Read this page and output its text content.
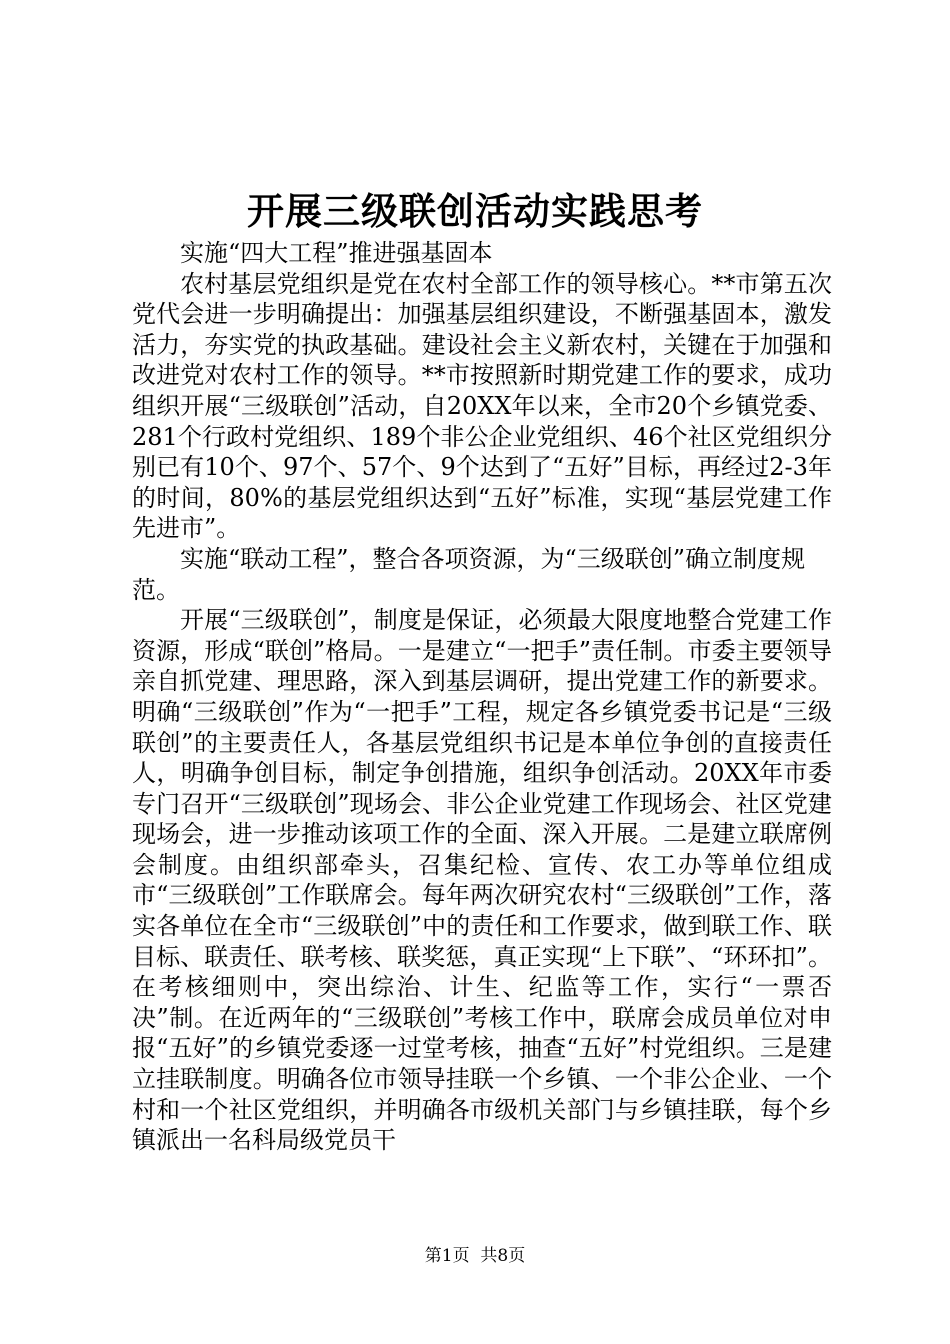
开展三级联创活动实践思考

实施“四大工程”推进强基固本

农村基层党组织是党在农村全部工作的领导核心。**市第五次党代会进一步明确提出：加强基层组织建设，不断强基固本，激发活力，夯实党的执政基础。建设社会主义新农村，关键在于加强和改进党对农村工作的领导。**市按照新时期党建工作的要求，成功组织开展“三级联创”活动，自20XX年以来，全市20个乡镇党委、281个行政村党组织、189个非公企业党组织、46个社区党组织分别已有10个、97个、57个、9个达到了“五好”目标，再经过2-3年的时间，80%的基层党组织达到“五好”标准，实现“基层党建工作先进市”。

实施“联动工程”，整合各项资源，为“三级联创”确立制度规范。

开展“三级联创”，制度是保证，必须最大限度地整合党建工作资源，形成“联创”格局。一是建立“一把手”责任制。市委主要领导亲自抓党建、理思路，深入到基层调研，提出党建工作的新要求。明确“三级联创”作为“一把手”工程，规定各乡镇党委书记是“三级联创”的主要责任人，各基层党组织书记是本单位争创的直接责任人，明确争创目标，制定争创措施，组织争创活动。20XX年市委专门召开“三级联创”现场会、非公企业党建工作现场会、社区党建现场会，进一步推动该项工作的全面、深入开展。二是建立联席例会制度。由组织部牵头，召集纪检、宣传、农工办等单位组成市“三级联创”工作联席会。每年两次研究农村“三级联创”工作，落实各单位在全市“三级联创”中的责任和工作要求，做到联工作、联目标、联责任、联考核、联奖惩，真正实现“上下联”、“环环扣”。在考核细则中，突出综治、计生、纪监等工作，实行“一票否决”制。在近两年的“三级联创”考核工作中，联席会成员单位对申报“五好”的乡镇党委逐一过堂考核，抽查“五好”村党组织。三是建立挂联制度。明确各位市领导挂联一个乡镇、一个非公企业、一个村和一个社区党组织，并明确各市级机关部门与乡镇挂联，每个乡镇派出一名科局级党员干

第1页 共8页
